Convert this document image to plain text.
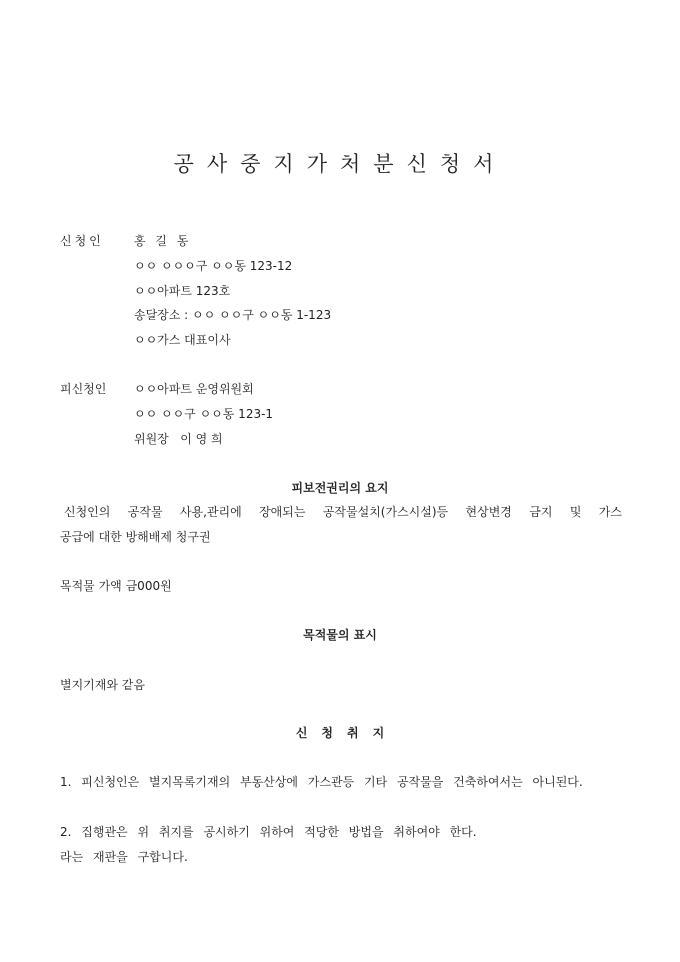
공사중지가처분신청서
신청인	홍 길 동
ㅇㅇ ㅇㅇㅇ구 ㅇㅇ동 123-12
ㅇㅇ아파트 123호
송달장소 : ㅇㅇ ㅇㅇ구 ㅇㅇ동 1-123
ㅇㅇ가스 대표이사
피신청인 ㅇㅇ아파트 운영위원회
ㅇㅇ ㅇㅇ구 ㅇㅇ동 123-1
위원장   이 영 희
피보전권리의 요지
신청인의 공작물 사용,관리에 장애되는 공작물설치(가스시설)등 현상변경 금지 및 가스
공급에 대한 방해배제 청구권
목적물 가액 금000원
목적물의 표시
별지기재와 같음
신청취지
1. 피신청인은 별지목록기재의 부동산상에 가스관등 기타 공작물을 건축하여서는 아니된다.
2. 집행관은 위 취지를 공시하기 위하여 적당한 방법을 취하여야 한다.
라는 재판을 구합니다.
